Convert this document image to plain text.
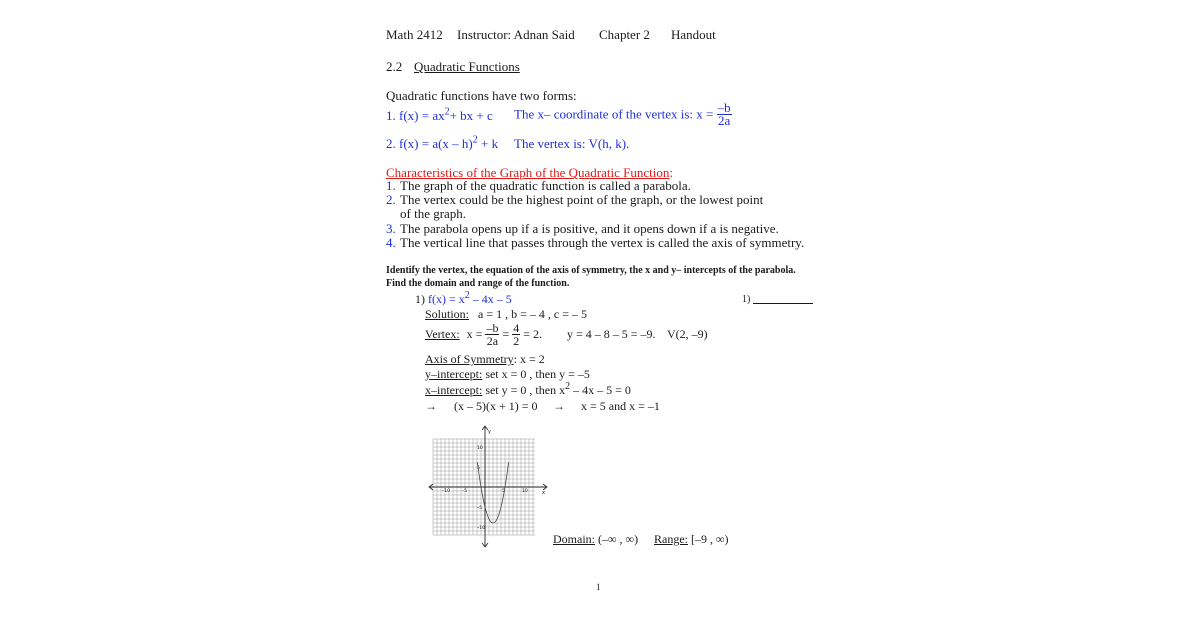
Math 2412 Instructor: Adnan Said Chapter 2 Handout
2.2 Quadratic Functions
Quadratic functions have two forms:
1. $f(x) = ax^2+$ bx + c The x– coordinate of the vertex is: $x = \frac{-b}{2a}$
2. f(x) = a(x – h)$^2$ + k The vertex is: V(h, k).
Characteristics of the Graph of the Quadratic Function:
1. The graph of the quadratic function is called a parabola.
2. The vertex could be the highest point of the graph, or the lowest point
of the graph.
3. The parabola opens up if a is positive, and it opens down if a is negative.
4. The vertical line that passes through the vertex is called the axis of symmetry.
Identify the vertex, the equation of the axis of symmetry, the x and y– intercepts of the parabola.
Find the domain and range of the function.
1) $f(x) = x^2 - 4x - 5$	1)
Solution: a = 1 , b = – 4 , c = – 5
Vertex: $x = \frac{-b}{2a} = \frac{4}{2} = 2$. y = 4 – 8 – 5 = –9. V(2, –9)
Axis of Symmetry: x = 2
y–intercept: set x = 0 , then y = –5
x–intercept: set y = 0 , then $x^2 - 4x - 5 = 0$
→ (x – 5)(x + 1) = 0 → x = 5 and x = –1
–10	–5	5	10
10
5
–5
–10
x
y
Domain: (–∞ , ∞) Range: [–9 , ∞)
1
